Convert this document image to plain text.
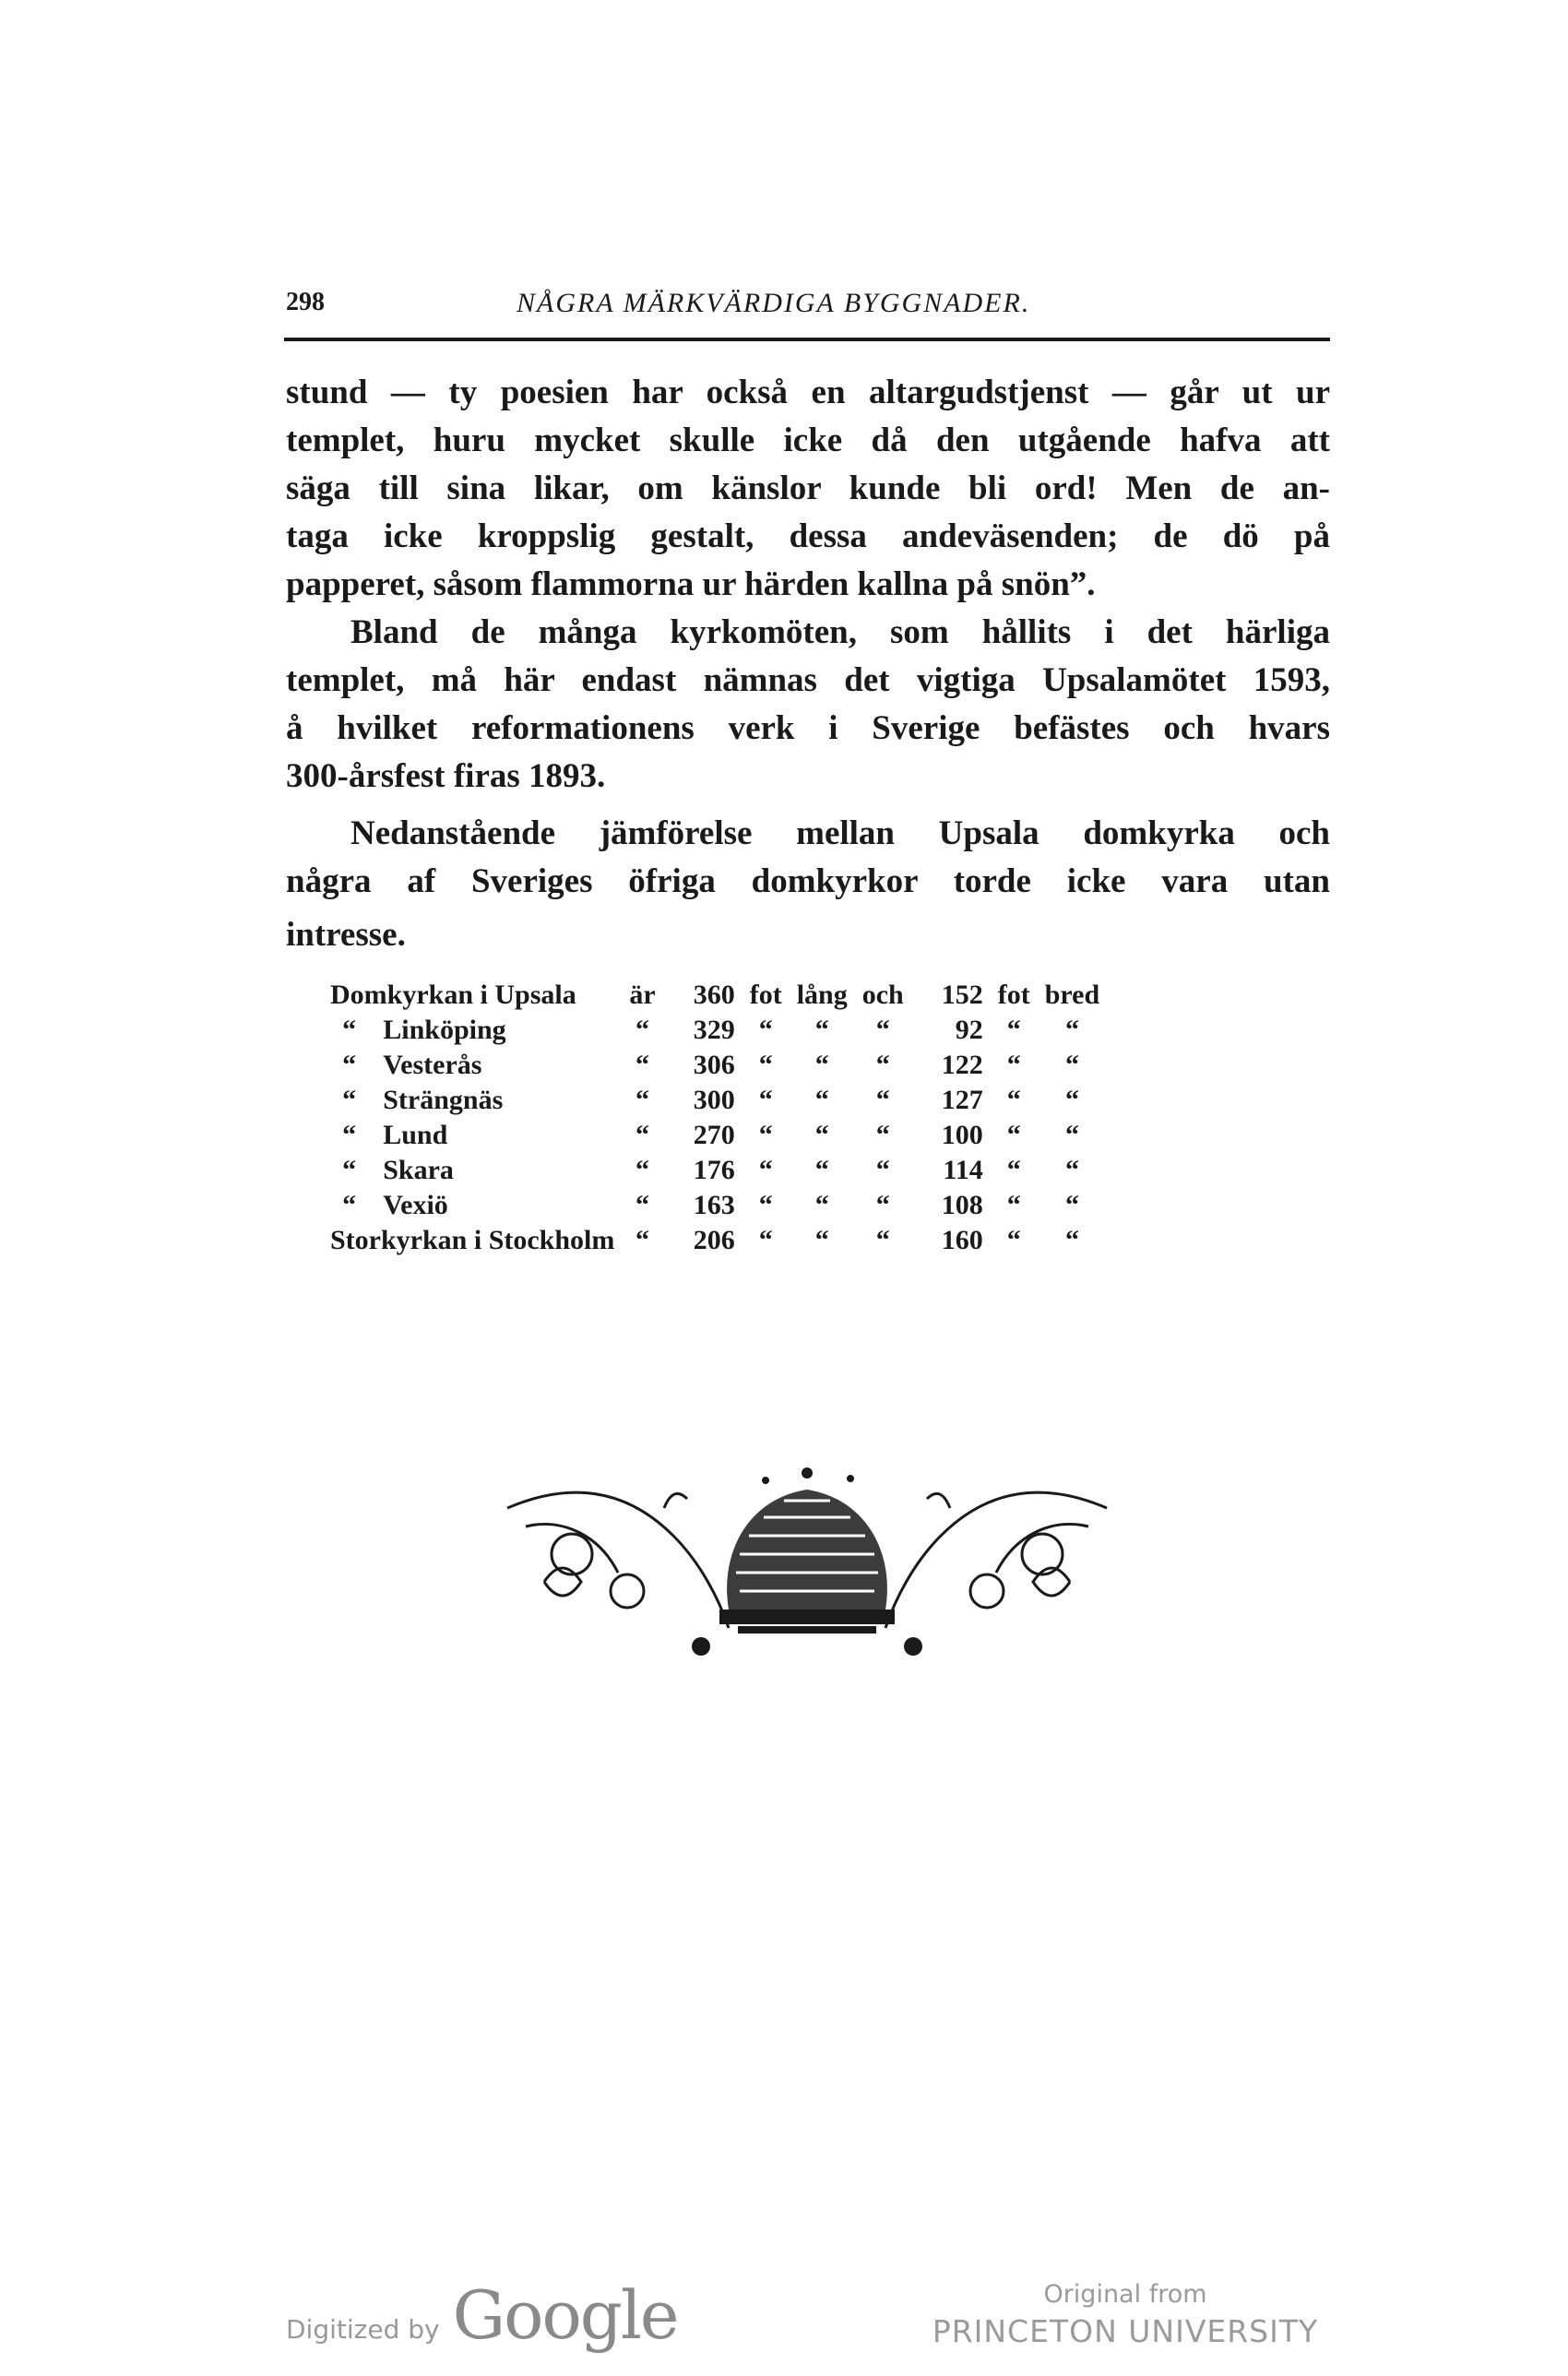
298	NÅGRA MÄRKVÄRDIGA BYGGNADER.

stund — ty poesien har också en altargudstjenst — går ut ur
templet, huru mycket skulle icke då den utgående hafva att
säga till sina likar, om känslor kunde bli ord! Men de an-
taga icke kroppslig gestalt, dessa andeväsenden; de dö på
papperet, såsom flammorna ur härden kallna på snön”.

Bland de många kyrkomöten, som hållits i det härliga
templet, må här endast nämnas det vigtiga Upsalamötet 1593,
å hvilket reformationens verk i Sverige befästes och hvars
300-årsfest firas 1893.

Nedanstående jämförelse mellan Upsala domkyrka och
några af Sveriges öfriga domkyrkor torde icke vara utan
intresse.

Domkyrkan i Upsala		är	360	fot	lång	och	152	fot	bred
“	Linköping	“	329	“	“	“	92	“	“
“	Vesterås	“	306	“	“	“	122	“	“
“	Strängnäs	“	300	“	“	“	127	“	“
“	Lund	“	270	“	“	“	100	“	“
“	Skara	“	176	“	“	“	114	“	“
“	Vexiö	“	163	“	“	“	108	“	“
Storkyrkan i Stockholm		“	206	“	“	“	160	“	“
Digitized by Google	Original from
PRINCETON UNIVERSITY
